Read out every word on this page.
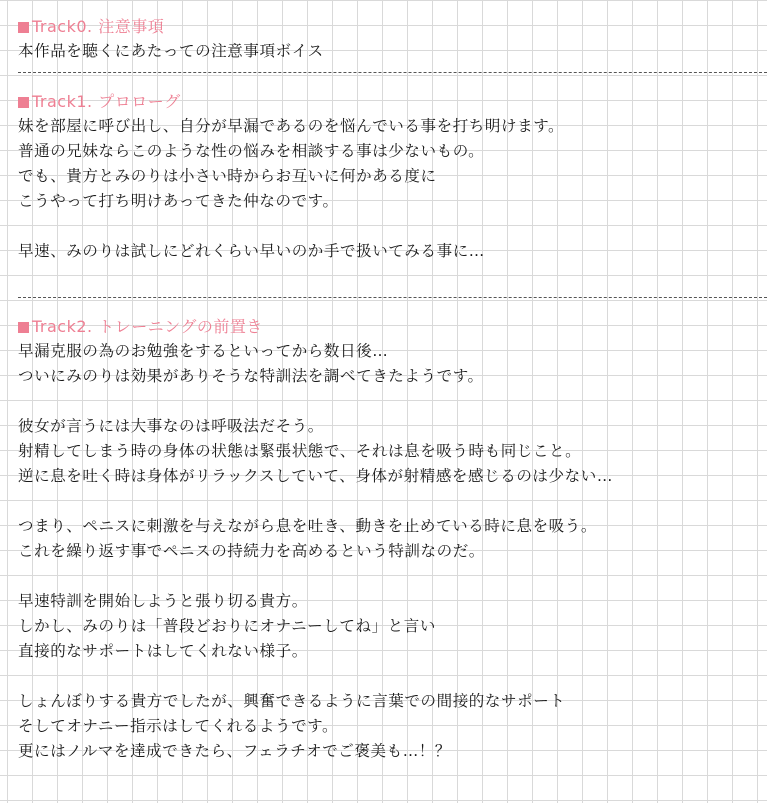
Track0. 注意事項
本作品を聴くにあたっての注意事項ボイス
Track1. プロローグ
妹を部屋に呼び出し、自分が早漏であるのを悩んでいる事を打ち明けます。
普通の兄妹ならこのような性の悩みを相談する事は少ないもの。
でも、貴方とみのりは小さい時からお互いに何かある度に
こうやって打ち明けあってきた仲なのです。
早速、みのりは試しにどれくらい早いのか手で扱いてみる事に…
Track2. トレーニングの前置き
早漏克服の為のお勉強をするといってから数日後…
ついにみのりは効果がありそうな特訓法を調べてきたようです。
彼女が言うには大事なのは呼吸法だそう。
射精してしまう時の身体の状態は緊張状態で、それは息を吸う時も同じこと。
逆に息を吐く時は身体がリラックスしていて、身体が射精感を感じるのは少ない…
つまり、ペニスに刺激を与えながら息を吐き、動きを止めている時に息を吸う。
これを繰り返す事でペニスの持続力を高めるという特訓なのだ。
早速特訓を開始しようと張り切る貴方。
しかし、みのりは「普段どおりにオナニーしてね」と言い
直接的なサポートはしてくれない様子。
しょんぼりする貴方でしたが、興奮できるように言葉での間接的なサポート
そしてオナニー指示はしてくれるようです。
更にはノルマを達成できたら、フェラチオでご褒美も…！？
